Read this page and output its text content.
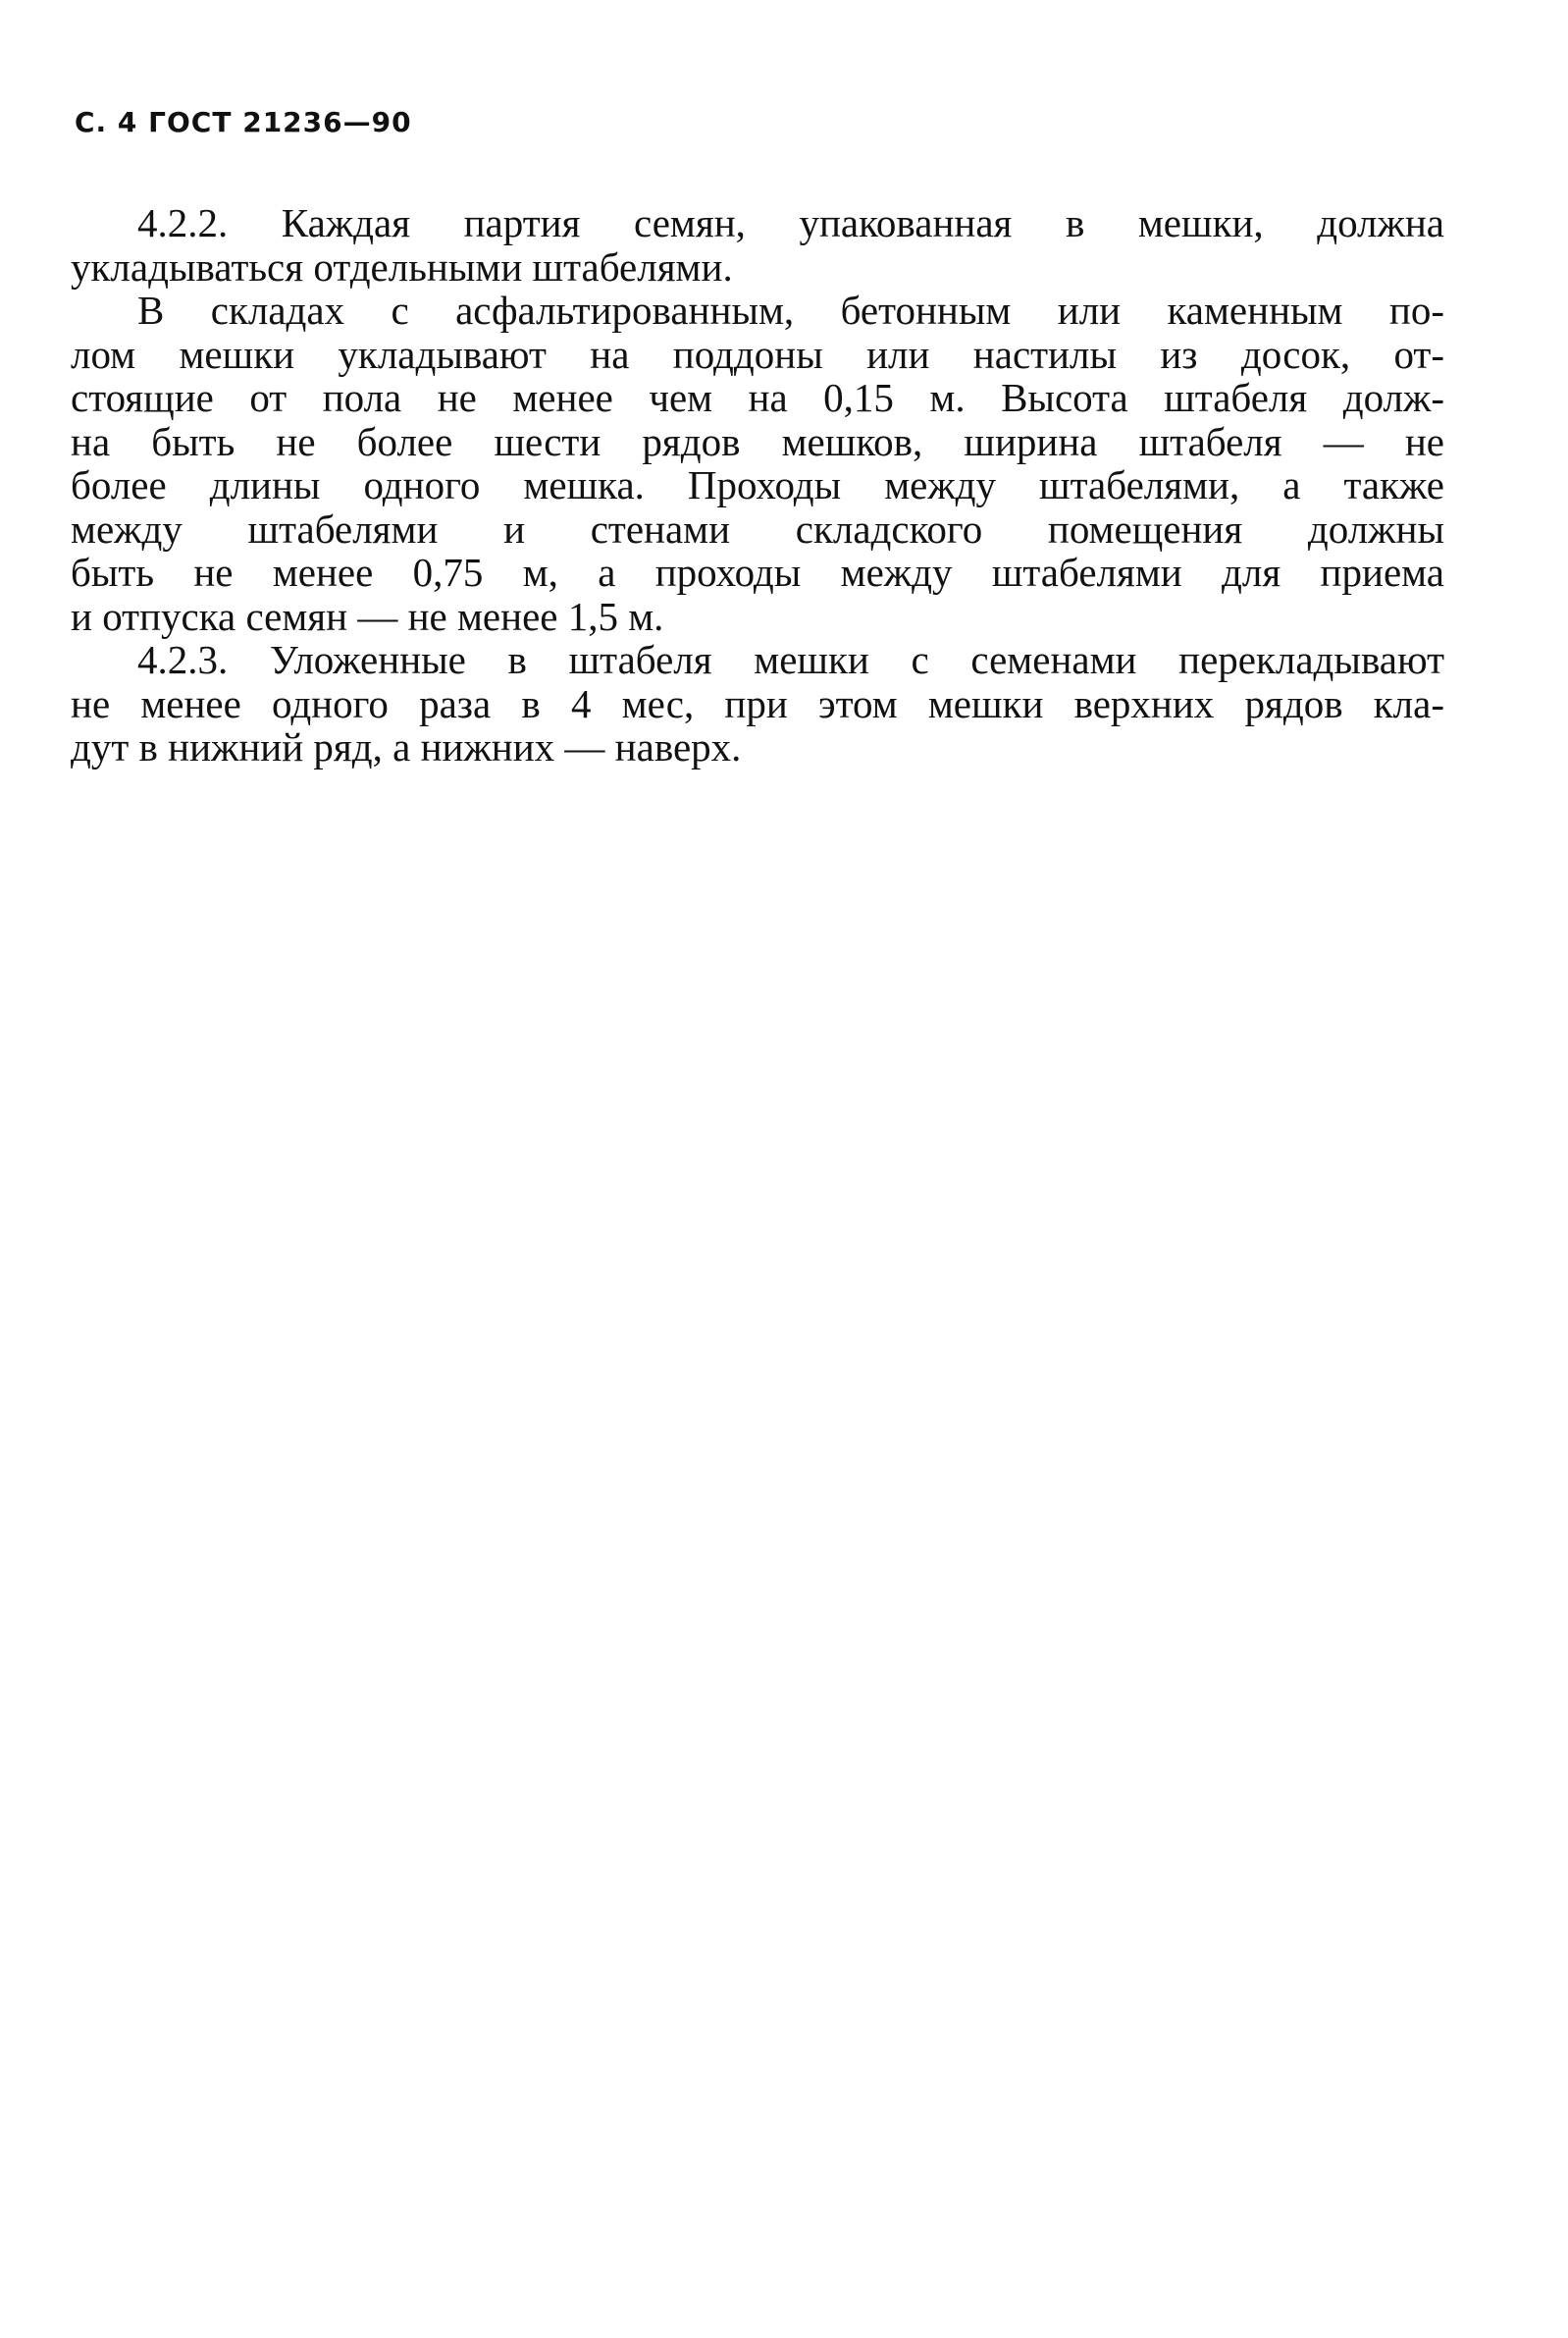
С. 4 ГОСТ 21236—90

4.2.2. Каждая партия семян, упакованная в мешки, должна
укладываться отдельными штабелями.

В складах с асфальтированным, бетонным или каменным по-
лом мешки укладывают на поддоны или настилы из досок, от-
стоящие от пола не менее чем на 0,15 м. Высота штабеля долж-
на быть не более шести рядов мешков, ширина штабеля — не
более длины одного мешка. Проходы между штабелями, а также
между штабелями и стенами складского помещения должны
быть не менее 0,75 м, а проходы между штабелями для приема
и отпуска семян — не менее 1,5 м.

4.2.3. Уложенные в штабеля мешки с семенами перекладывают
не менее одного раза в 4 мес, при этом мешки верхних рядов кла-
дут в нижний ряд, а нижних — наверх.
